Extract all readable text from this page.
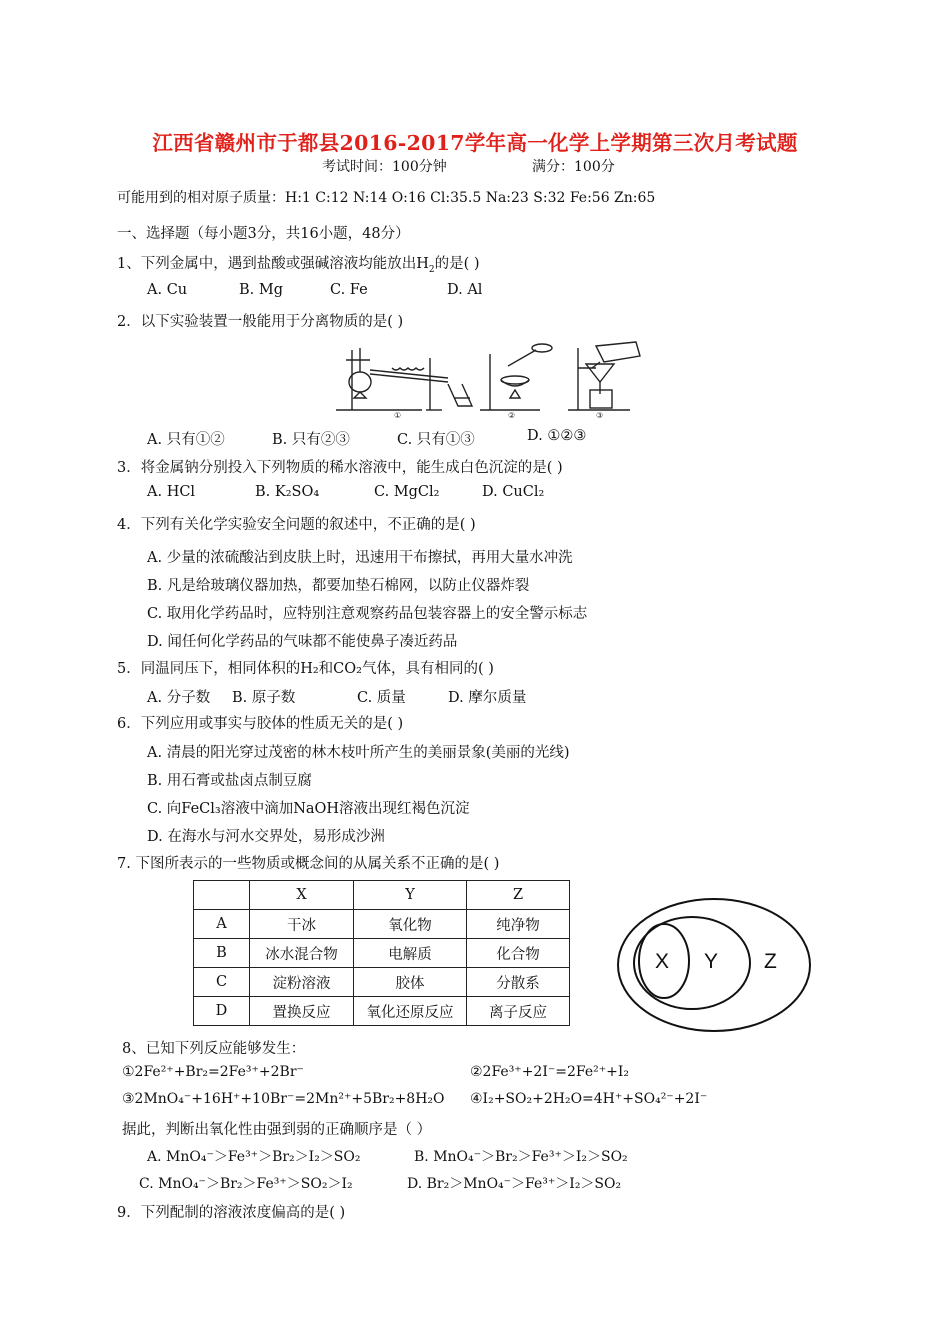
江西省赣州市于都县2016-2017学年高一化学上学期第三次月考试题
考试时间：100分钟	满分：100分
可能用到的相对原子质量：H:1 C:12 N:14 O:16 Cl:35.5 Na:23 S:32 Fe:56 Zn:65
一、选择题（每小题3分，共16小题，48分）
1、下列金属中，遇到盐酸或强碱溶液均能放出$H_2$的是( )
A. Cu	B. Mg	C. Fe	D. Al
2．以下实验装置一般能用于分离物质的是( )
①	②	③
A. 只有①②	B. 只有②③	C. 只有①③	D. ①②③
3．将金属钠分别投入下列物质的稀水溶液中，能生成白色沉淀的是( )
A. HCl	B. K₂SO₄	C. MgCl₂	D. CuCl₂
4．下列有关化学实验安全问题的叙述中，不正确的是( )
A. 少量的浓硫酸沾到皮肤上时，迅速用干布擦拭，再用大量水冲洗
B. 凡是给玻璃仪器加热，都要加垫石棉网，以防止仪器炸裂
C. 取用化学药品时，应特别注意观察药品包装容器上的安全警示标志
D. 闻任何化学药品的气味都不能使鼻子凑近药品
5．同温同压下，相同体积的H₂和CO₂气体，具有相同的( )
A. 分子数 B. 原子数	C. 质量	D. 摩尔质量
6．下列应用或事实与胶体的性质无关的是( )
A. 清晨的阳光穿过茂密的林木枝叶所产生的美丽景象(美丽的光线)
B. 用石膏或盐卤点制豆腐
C. 向FeCl₃溶液中滴加NaOH溶液出现红褐色沉淀
D. 在海水与河水交界处，易形成沙洲
7. 下图所表示的一些物质或概念间的从属关系不正确的是( )
	X	Y	Z
A	干冰	氧化物	纯净物
B	冰水混合物	电解质	化合物
C	淀粉溶液	胶体	分散系
D	置换反应	氧化还原反应	离子反应
X Y Z
8、已知下列反应能够发生：
①2Fe²⁺+Br₂=2Fe³⁺+2Br⁻	②2Fe³⁺+2I⁻=2Fe²⁺+I₂
③2MnO₄⁻+16H⁺+10Br⁻=2Mn²⁺+5Br₂+8H₂O ④I₂+SO₂+2H₂O=4H⁺+SO₄²⁻+2I⁻
据此，判断出氧化性由强到弱的正确顺序是（ ）
A. MnO₄⁻＞Fe³⁺＞Br₂＞I₂＞SO₂	B. MnO₄⁻＞Br₂＞Fe³⁺＞I₂＞SO₂
C. MnO₄⁻＞Br₂＞Fe³⁺＞SO₂＞I₂	D. Br₂＞MnO₄⁻＞Fe³⁺＞I₂＞SO₂
9．下列配制的溶液浓度偏高的是( )
